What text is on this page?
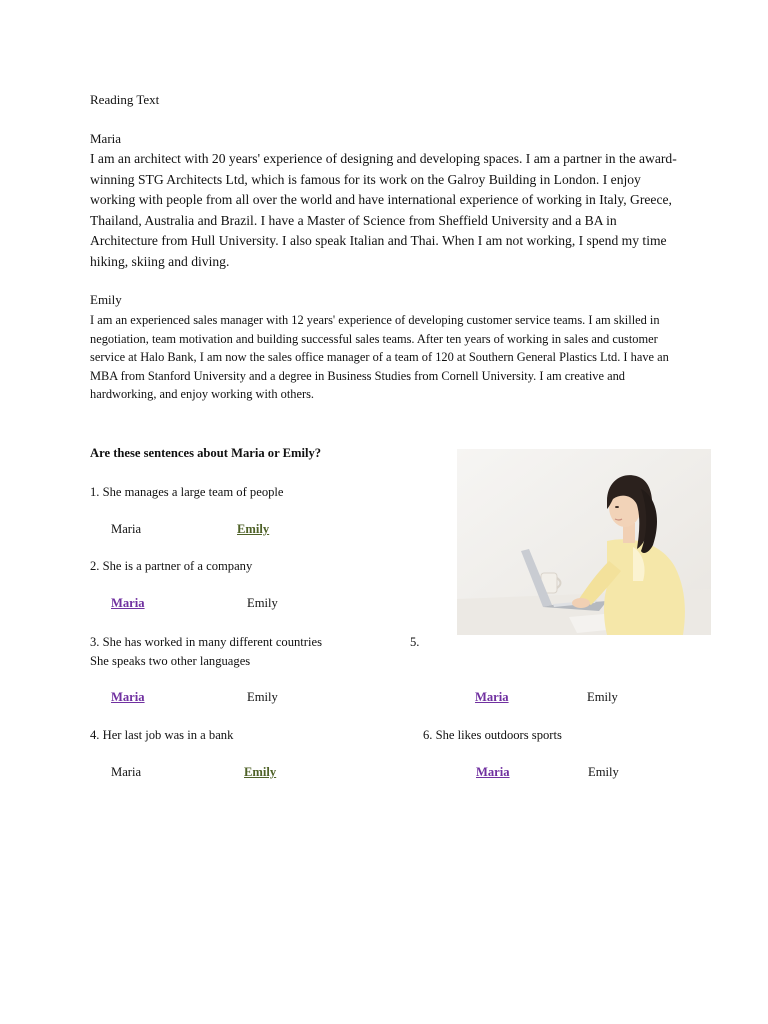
Reading Text
Maria
I am an architect with 20 years' experience of designing and developing spaces. I am a partner in the award-winning STG Architects Ltd, which is famous for its work on the Galroy Building in London. I enjoy working with people from all over the world and have international experience of working in Italy, Greece, Thailand, Australia and Brazil. I have a Master of Science from Sheffield University and a BA in Architecture from Hull University. I also speak Italian and Thai. When I am not working, I spend my time hiking, skiing and diving.
Emily
I am an experienced sales manager with 12 years' experience of developing customer service teams. I am skilled in negotiation, team motivation and building successful sales teams. After ten years of working in sales and customer service at Halo Bank, I am now the sales office manager of a team of 120 at Southern General Plastics Ltd. I have an MBA from Stanford University and a degree in Business Studies from Cornell University. I am creative and hardworking, and enjoy working with others.
Are these sentences about Maria or Emily?
1. She manages a large team of people
Maria	Emily
2. She is a partner of a company
Maria	Emily
3. She has worked in many different countries	5.
She speaks two other languages
Maria	Emily	Maria	Emily
4. Her last job was in a bank	6. She likes outdoors sports
Maria	Emily	Maria	Emily
